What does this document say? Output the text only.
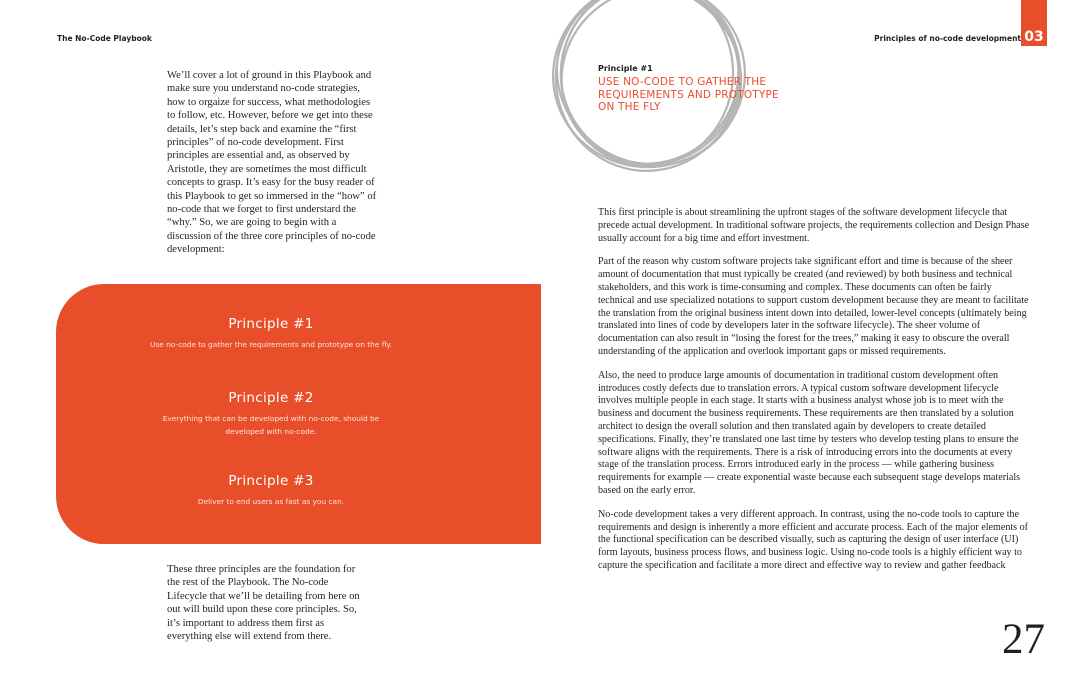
The No-Code Playbook
We’ll cover a lot of ground in this Playbook and make sure you understand no-code strategies, how to orgaize for success, what methodologies to follow, etc. However, before we get into these details, let’s step back and examine the “first principles” of no-code development. First principles are essential and, as observed by Aristotle, they are sometimes the most difficult concepts to grasp. It’s easy for the busy reader of this Playbook to get so immersed in the “how” of no-code that we forget to first understard the “why.” So, we are going to begin with a discussion of the three core principles of no-code development:
Principle #1

Use no-code to gather the requirements and prototype on the fly.

Principle #2

Everything that can be developed with no-code, should be developed with no-code.

Principle #3

Deliver to end users as fast as you can.

These three principles are the foundation for the rest of the Playbook. The No-code Lifecycle that we’ll be detailing from here on out will build upon these core principles. So, it’s important to address them first as everything else will extend from there.
Principles of no-code development 03
Principle #1
USE NO-CODE TO GATHER THE REQUIREMENTS AND PROTOTYPE ON THE FLY

This first principle is about streamlining the upfront stages of the software development lifecycle that precede actual development. In traditional software projects, the requirements collection and Design Phase usually account for a big time and effort investment.

Part of the reason why custom software projects take significant effort and time is because of the sheer amount of documentation that must typically be created (and reviewed) by both business and technical stakeholders, and this work is time-consuming and complex. These documents can often be fairly technical and use specialized notations to support custom development because they are meant to facilitate the translation from the original business intent down into detailed, lower-level concepts (ultimately being translated into lines of code by developers later in the software lifecycle). The sheer volume of documentation can also result in “losing the forest for the trees,” making it easy to obscure the overall understanding of the application and overlook important gaps or missed requirements.

Also, the need to produce large amounts of documentation in traditional custom development often introduces costly defects due to translation errors. A typical custom software development lifecycle involves multiple people in each stage. It starts with a business analyst whose job is to meet with the business and document the business requirements. These requirements are then translated by a solution architect to design the overall solution and then translated again by developers to create detailed specifications. Finally, they’re translated one last time by testers who develop testing plans to ensure the software aligns with the requirements. There is a risk of introducing errors into the documents at every stage of the translation process. Errors introduced early in the process — while gathering business requirements for example — create exponential waste because each subsequent stage develops materials based on the early error.

No-code development takes a very different approach. In contrast, using the no-code tools to capture the requirements and design is inherently a more efficient and accurate process. Each of the major elements of the functional specification can be described visually, such as capturing the design of user interface (UI) form layouts, business process flows, and business logic. Using no-code tools is a highly efficient way to capture the specification and facilitate a more direct and effective way to review and gather feedback

27
